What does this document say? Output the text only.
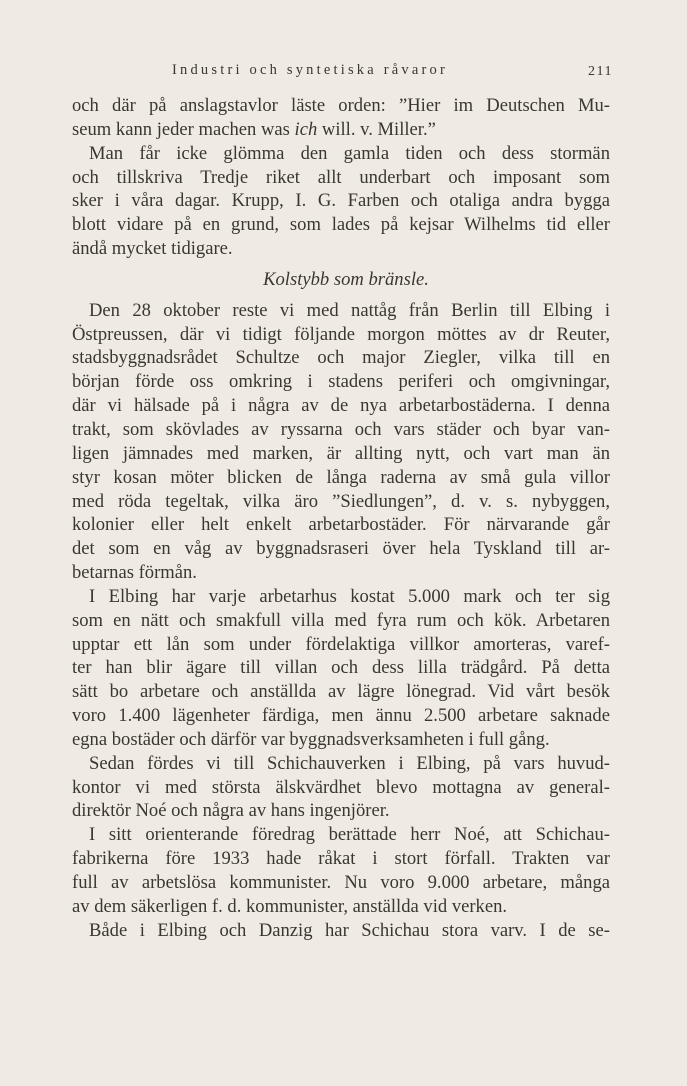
Industri och syntetiska råvaror	211
och där på anslagstavlor läste orden: ”Hier im Deutschen Mu-
seum kann jeder machen was ich will. v. Miller.”
Man får icke glömma den gamla tiden och dess stormän
och tillskriva Tredje riket allt underbart och imposant som
sker i våra dagar. Krupp, I. G. Farben och otaliga andra bygga
blott vidare på en grund, som lades på kejsar Wilhelms tid eller
ändå mycket tidigare.
Kolstybb som bränsle.
Den 28 oktober reste vi med nattåg från Berlin till Elbing i
Östpreussen, där vi tidigt följande morgon möttes av dr Reuter,
stadsbyggnadsrådet Schultze och major Ziegler, vilka till en
början förde oss omkring i stadens periferi och omgivningar,
där vi hälsade på i några av de nya arbetarbostäderna. I denna
trakt, som skövlades av ryssarna och vars städer och byar van-
ligen jämnades med marken, är allting nytt, och vart man än
styr kosan möter blicken de långa raderna av små gula villor
med röda tegeltak, vilka äro ”Siedlungen”, d. v. s. nybyggen,
kolonier eller helt enkelt arbetarbostäder. För närvarande går
det som en våg av byggnadsraseri över hela Tyskland till ar-
betarnas förmån.
I Elbing har varje arbetarhus kostat 5.000 mark och ter sig
som en nätt och smakfull villa med fyra rum och kök. Arbetaren
upptar ett lån som under fördelaktiga villkor amorteras, varef-
ter han blir ägare till villan och dess lilla trädgård. På detta
sätt bo arbetare och anställda av lägre lönegrad. Vid vårt besök
voro 1.400 lägenheter färdiga, men ännu 2.500 arbetare saknade
egna bostäder och därför var byggnadsverksamheten i full gång.
Sedan fördes vi till Schichauverken i Elbing, på vars huvud-
kontor vi med största älskvärdhet blevo mottagna av general-
direktör Noé och några av hans ingenjörer.
I sitt orienterande föredrag berättade herr Noé, att Schichau-
fabrikerna före 1933 hade råkat i stort förfall. Trakten var
full av arbetslösa kommunister. Nu voro 9.000 arbetare, många
av dem säkerligen f. d. kommunister, anställda vid verken.
Både i Elbing och Danzig har Schichau stora varv. I de se-
